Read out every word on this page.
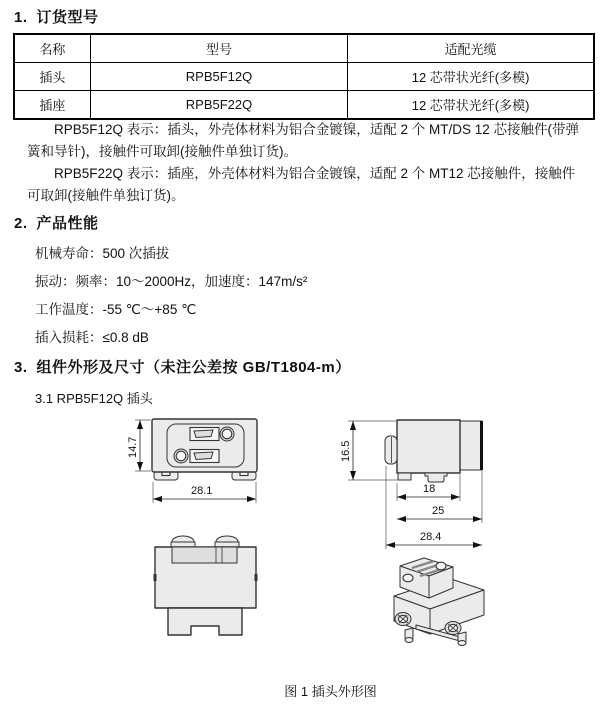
1. 订货型号
名称	型号	适配光缆
插头	RPB5F12Q	12 芯带状光纤(多模)
插座	RPB5F22Q	12 芯带状光纤(多模)

RPB5F12Q 表示：插头，外壳体材料为铝合金镀镍，适配 2 个 MT/DS 12 芯接触件(带弹簧和导针)，接触件可取卸(接触件单独订货)。

RPB5F22Q 表示：插座，外壳体材料为铝合金镀镍，适配 2 个 MT12 芯接触件，接触件可取卸(接触件单独订货)。

2. 产品性能
机械寿命：500 次插拔
振动：频率：10～2000Hz，加速度：147m/s²
工作温度：-55 ℃～+85 ℃
插入损耗：≤0.8 dB
3. 组件外形及尺寸（未注公差按 GB/T1804-m）
3.1 RPB5F12Q 插头
14.7
28.1
16.5
18
25
28.4
图 1 插头外形图
